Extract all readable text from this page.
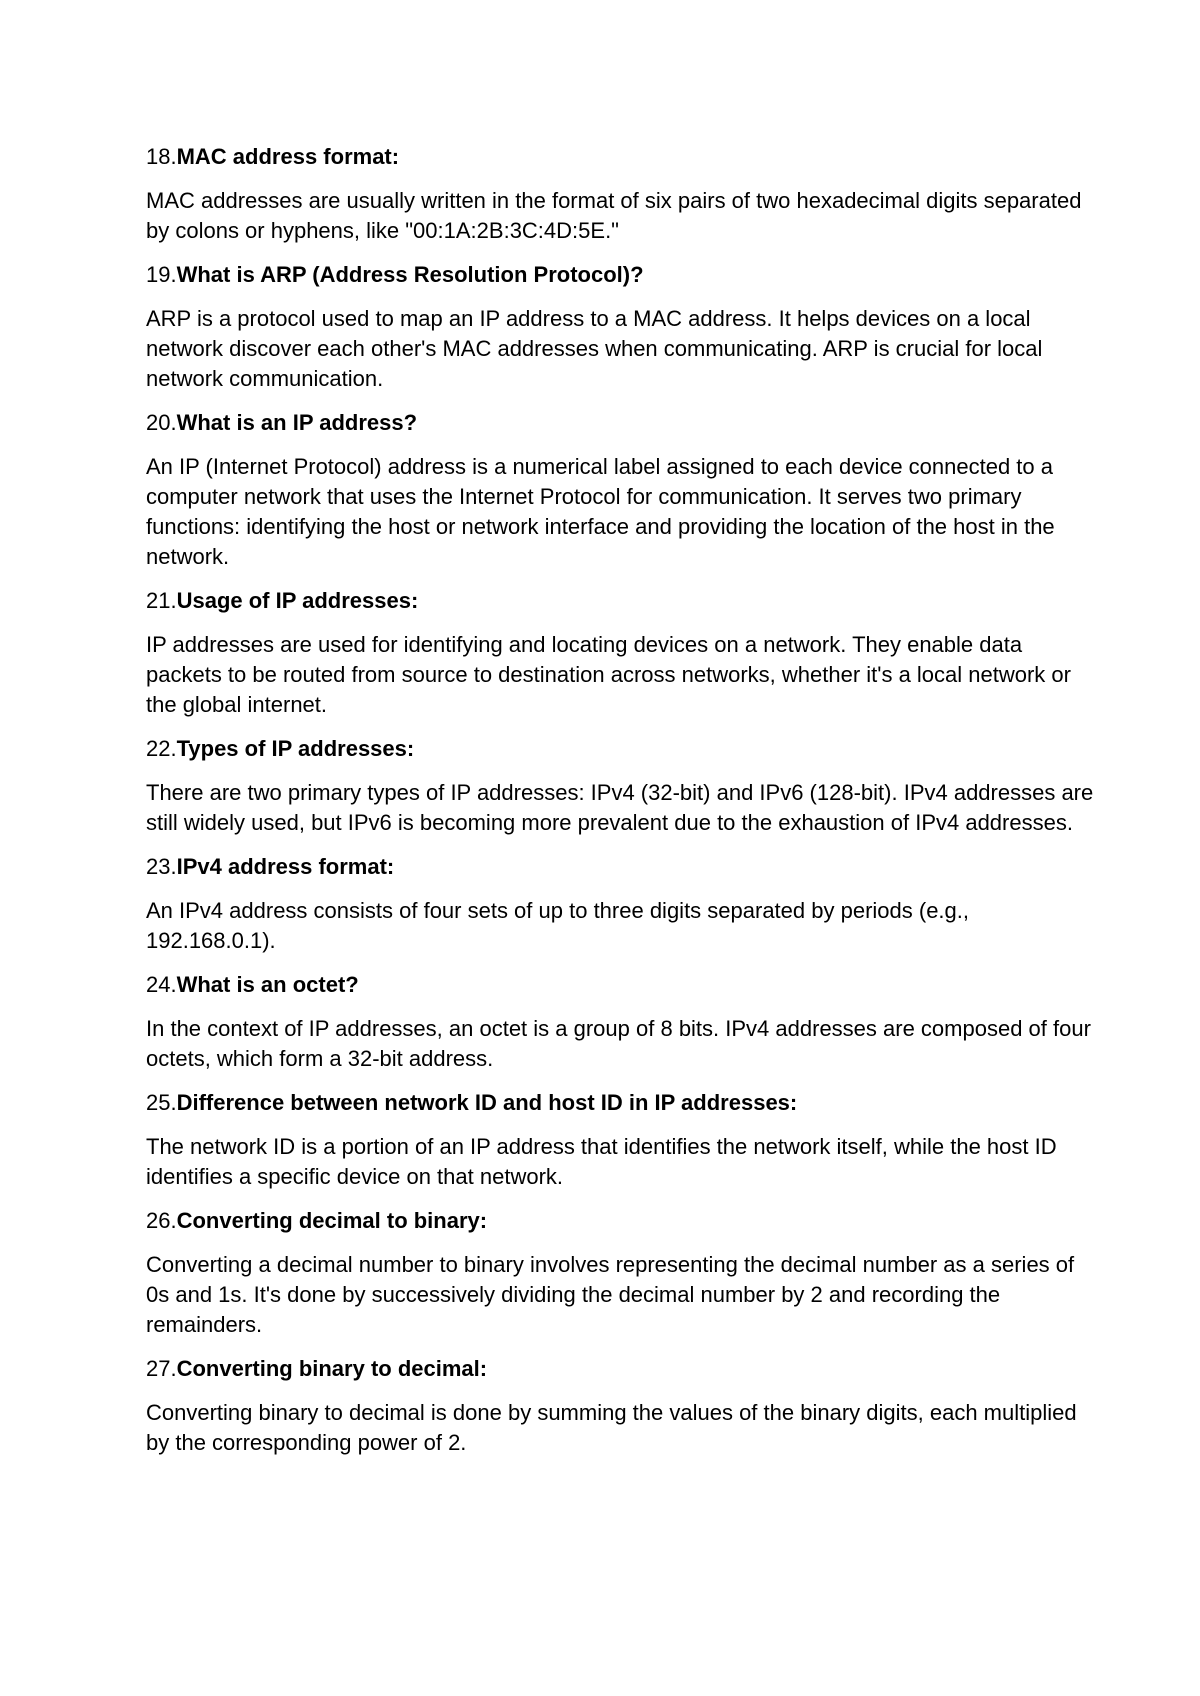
18.MAC address format:

MAC addresses are usually written in the format of six pairs of two hexadecimal digits separated by colons or hyphens, like "00:1A:2B:3C:4D:5E."

19.What is ARP (Address Resolution Protocol)?

ARP is a protocol used to map an IP address to a MAC address. It helps devices on a local network discover each other's MAC addresses when communicating. ARP is crucial for local network communication.

20.What is an IP address?

An IP (Internet Protocol) address is a numerical label assigned to each device connected to a computer network that uses the Internet Protocol for communication. It serves two primary functions: identifying the host or network interface and providing the location of the host in the network.

21.Usage of IP addresses:

IP addresses are used for identifying and locating devices on a network. They enable data packets to be routed from source to destination across networks, whether it's a local network or the global internet.

22.Types of IP addresses:

There are two primary types of IP addresses: IPv4 (32-bit) and IPv6 (128-bit). IPv4 addresses are still widely used, but IPv6 is becoming more prevalent due to the exhaustion of IPv4 addresses.

23.IPv4 address format:

An IPv4 address consists of four sets of up to three digits separated by periods (e.g., 192.168.0.1).

24.What is an octet?

In the context of IP addresses, an octet is a group of 8 bits. IPv4 addresses are composed of four octets, which form a 32-bit address.

25.Difference between network ID and host ID in IP addresses:

The network ID is a portion of an IP address that identifies the network itself, while the host ID identifies a specific device on that network.

26.Converting decimal to binary:

Converting a decimal number to binary involves representing the decimal number as a series of 0s and 1s. It's done by successively dividing the decimal number by 2 and recording the remainders.

27.Converting binary to decimal:

Converting binary to decimal is done by summing the values of the binary digits, each multiplied by the corresponding power of 2.
